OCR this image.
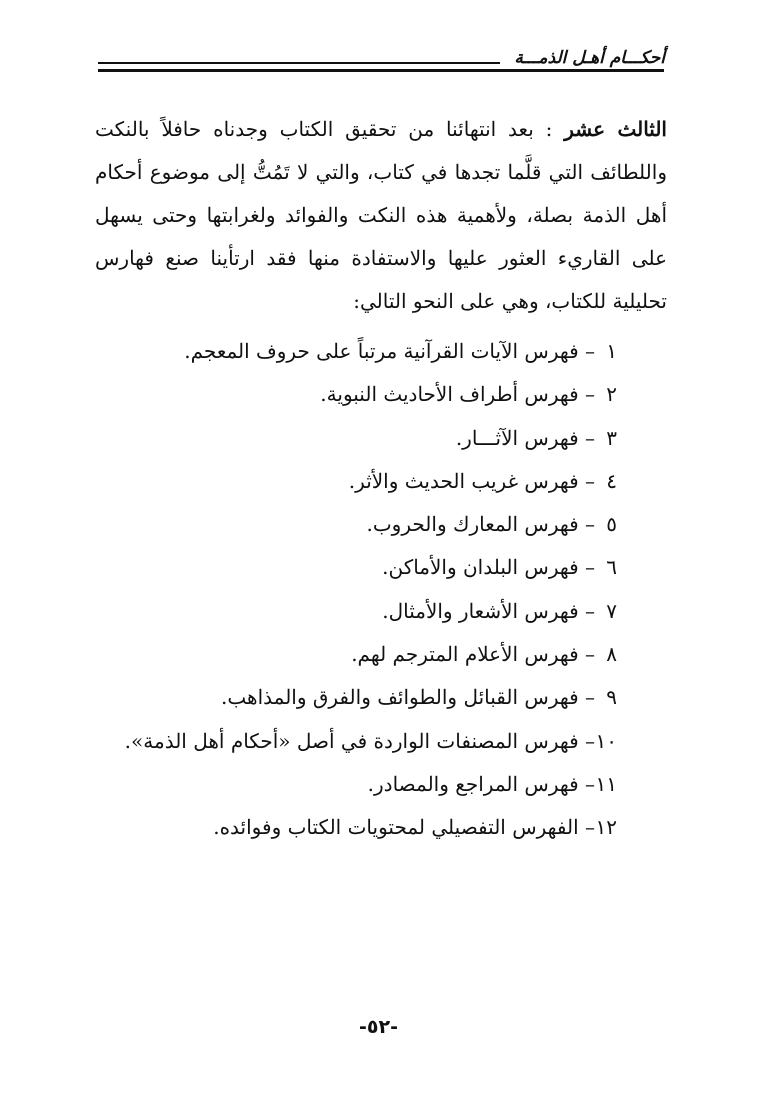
أحكـــام أهـل الذمـــة
الثالث عشر : بعد انتهائنا من تحقيق الكتاب وجدناه حافلاً بالنكت واللطائف التي قلَّما تجدها في كتاب، والتي لا تَمُتُّ إلى موضوع أحكام أهل الذمة بصلة، ولأهمية هذه النكت والفوائد ولغرابتها وحتى يسهل على القاريء العثور عليها والاستفادة منها فقد ارتأينا صنع فهارس تحليلية للكتاب، وهي على النحو التالي:
١– فهرس الآيات القرآنية مرتباً على حروف المعجم.
٢– فهرس أطراف الأحاديث النبوية.
٣– فهرس الآثـــار.
٤– فهرس غريب الحديث والأثر.
٥– فهرس المعارك والحروب.
٦– فهرس البلدان والأماكن.
٧– فهرس الأشعار والأمثال.
٨– فهرس الأعلام المترجم لهم.
٩– فهرس القبائل والطوائف والفرق والمذاهب.
١٠– فهرس المصنفات الواردة في أصل «أحكام أهل الذمة».
١١– فهرس المراجع والمصادر.
١٢– الفهرس التفصيلي لمحتويات الكتاب وفوائده.
-٥٢-
